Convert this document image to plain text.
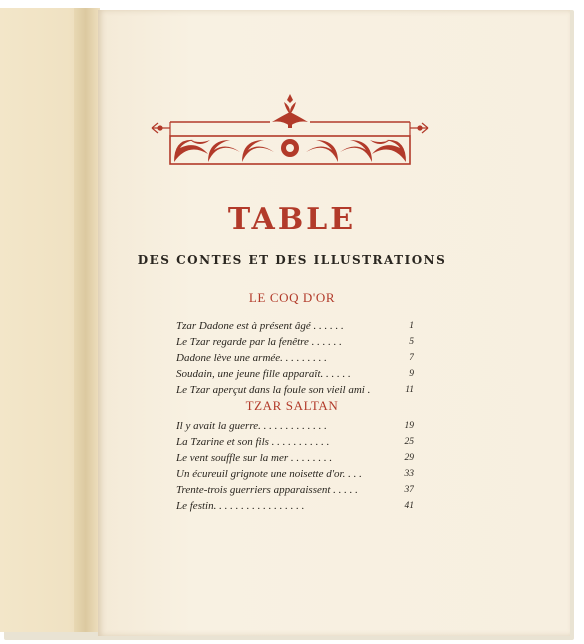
TABLE
DES CONTES ET DES ILLUSTRATIONS
LE COQ D'OR
Tzar Dadone est à présent âgé . . . . . .	1
Le Tzar regarde par la fenêtre . . . . . .	5
Dadone lève une armée. . . . . . . . .	7
Soudain, une jeune fille apparaît. . . . . .	9
Le Tzar aperçut dans la foule son vieil ami .	11
TZAR SALTAN
Il y avait la guerre. . . . . . . . . . . . .	19
La Tzarine et son fils . . . . . . . . . . .	25
Le vent souffle sur la mer . . . . . . . .	29
Un écureuil grignote une noisette d'or. . . .	33
Trente-trois guerriers apparaissent . . . . .	37
Le festin. . . . . . . . . . . . . . . . .	41
